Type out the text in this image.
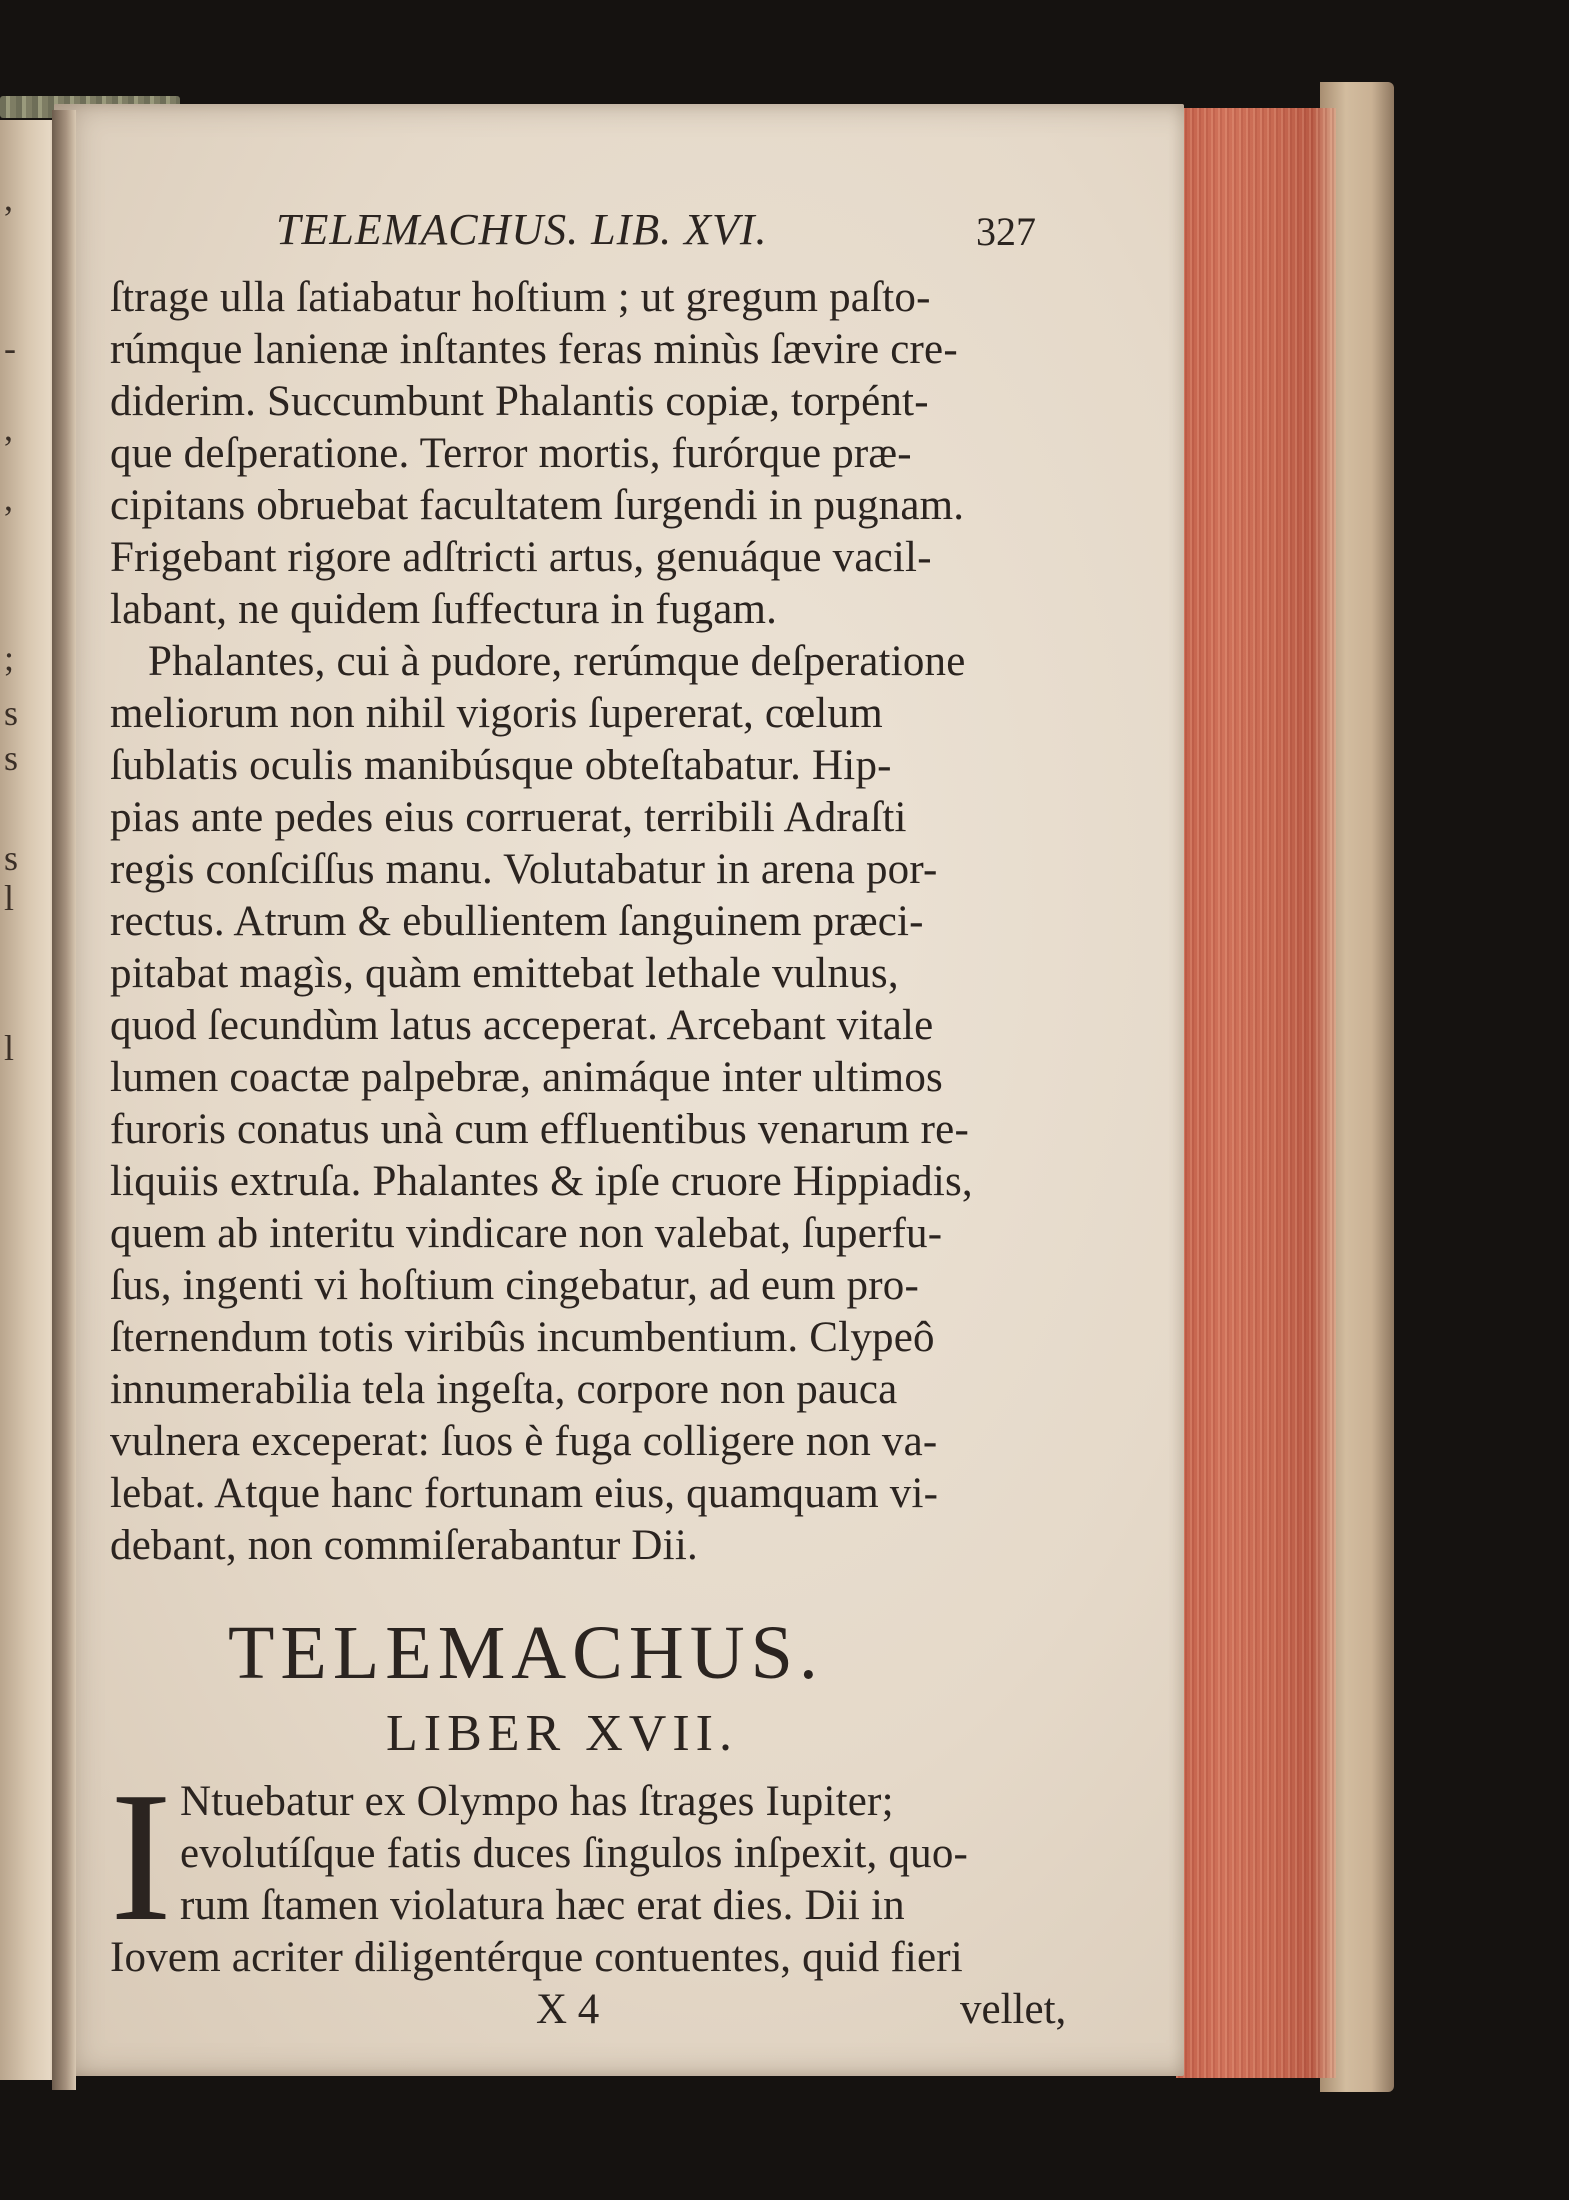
,
-
,
,
;
s
s
s
l
l
TELEMACHUS. LIB. XVI.	327
ſtrage ulla ſatiabatur hoſtium ; ut gregum paſto-
rúmque lanienæ inſtantes feras minùs ſævire cre-
diderim. Succumbunt Phalantis copiæ, torpént-
que deſperatione. Terror mortis, furórque præ-
cipitans obruebat facultatem ſurgendi in pugnam.
Frigebant rigore adſtricti artus, genuáque vacil-
labant, ne quidem ſuffectura in fugam.
Phalantes, cui à pudore, rerúmque deſperatione
meliorum non nihil vigoris ſupererat, cœlum
ſublatis oculis manibúsque obteſtabatur. Hip-
pias ante pedes eius corruerat, terribili Adraſti
regis conſciſſus manu. Volutabatur in arena por-
rectus. Atrum & ebullientem ſanguinem præci-
pitabat magìs, quàm emittebat lethale vulnus,
quod ſecundùm latus acceperat. Arcebant vitale
lumen coactæ palpebræ, animáque inter ultimos
furoris conatus unà cum effluentibus venarum re-
liquiis extruſa. Phalantes & ipſe cruore Hippiadis,
quem ab interitu vindicare non valebat, ſuperfu-
ſus, ingenti vi hoſtium cingebatur, ad eum pro-
ſternendum totis viribûs incumbentium. Clypeô
innumerabilia tela ingeſta, corpore non pauca
vulnera exceperat: ſuos è fuga colligere non va-
lebat. Atque hanc fortunam eius, quamquam vi-
debant, non commiſerabantur Dii.
TELEMACHUS.
LIBER XVII.
I Ntuebatur ex Olympo has ſtrages Iupiter;
evolutíſque fatis duces ſingulos inſpexit, quo-
rum ſtamen violatura hæc erat dies. Dii in
Iovem acriter diligentérque contuentes, quid fieri
X 4	vellet,
